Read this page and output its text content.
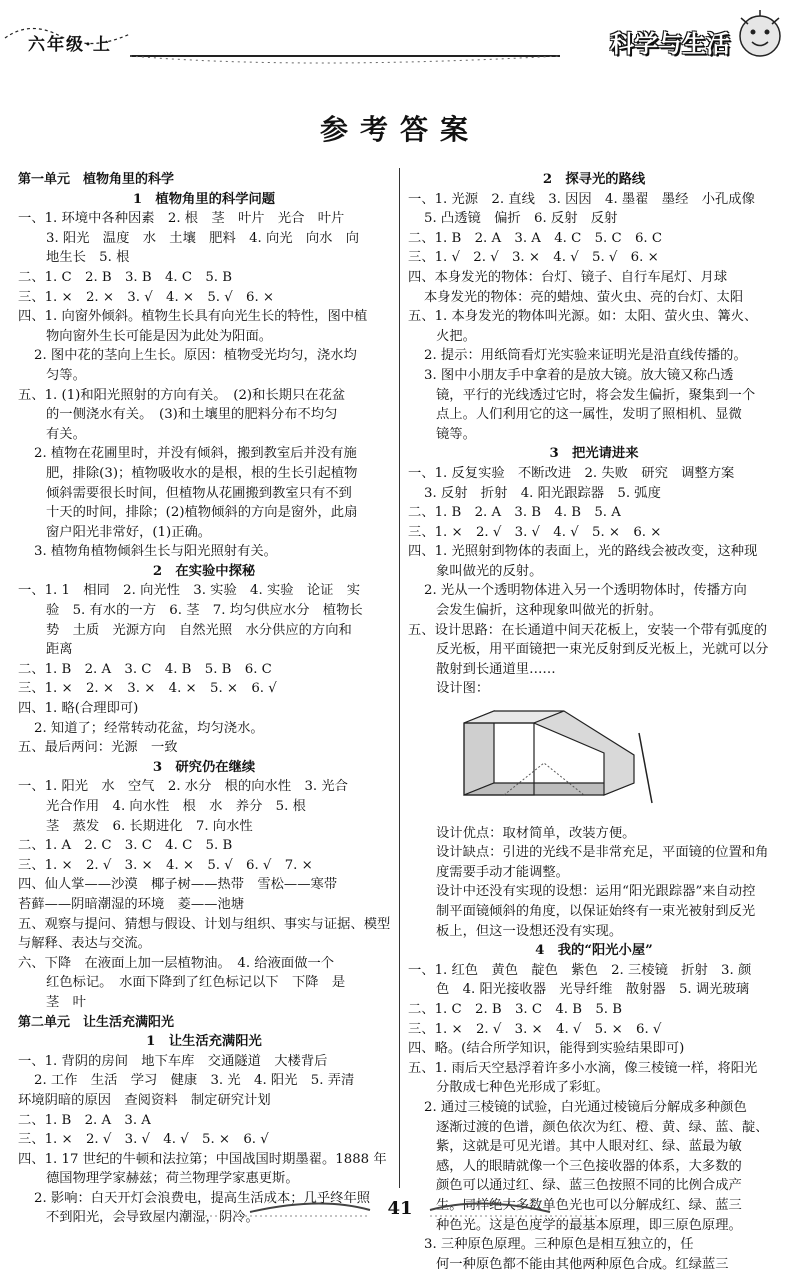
六年级·上	科学与生活
参考答案
第一单元　植物角里的科学
1　植物角里的科学问题
一、1. 环境中各种因素　2. 根　茎　叶片　光合　叶片
3. 阳光　温度　水　土壤　肥料　4. 向光　向水　向
地生长　5. 根
二、1. C　2. B　3. B　4. C　5. B
三、1. ×　2. ×　3. √　4. ×　5. √　6. ×
四、1. 向窗外倾斜。植物生长具有向光生长的特性，图中植
物向窗外生长可能是因为此处为阳面。
2. 图中花的茎向上生长。原因：植物受光均匀，浇水均
匀等。
五、1. (1)和阳光照射的方向有关。　(2)和长期只在花盆
的一侧浇水有关。　(3)和土壤里的肥料分布不均匀
有关。
2. 植物在花圃里时，并没有倾斜，搬到教室后并没有施
肥，排除(3)；植物吸收水的是根，根的生长引起植物
倾斜需要很长时间，但植物从花圃搬到教室只有不到
十天的时间，排除；(2)植物倾斜的方向是窗外，此扇
窗户阳光非常好，(1)正确。
3. 植物角植物倾斜生长与阳光照射有关。
2　在实验中探秘
一、1. 1　相同　2. 向光性　3. 实验　4. 实验　论证　实
验　5. 有水的一方　6. 茎　7. 均匀供应水分　植物长
势　土质　光源方向　自然光照　水分供应的方向和
距离
二、1. B　2. A　3. C　4. B　5. B　6. C
三、1. ×　2. ×　3. ×　4. ×　5. ×　6. √
四、1. 略(合理即可)
2. 知道了；经常转动花盆，均匀浇水。
五、最后两问：光源　一致
3　研究仍在继续
一、1. 阳光　水　空气　2. 水分　根的向水性　3. 光合
光合作用　4. 向水性　根　水　养分　5. 根
茎　蒸发　6. 长期进化　7. 向水性
二、1. A　2. C　3. C　4. C　5. B
三、1. ×　2. √　3. ×　4. ×　5. √　6. √　7. ×
四、仙人掌——沙漠　椰子树——热带　雪松——寒带
苔藓——阴暗潮湿的环境　菱——池塘
五、观察与提问、猜想与假设、计划与组织、事实与证据、模型
与解释、表达与交流。
六、下降　在液面上加一层植物油。　4. 给液面做一个
红色标记。　水面下降到了红色标记以下　下降　是
茎　叶
第二单元　让生活充满阳光
1　让生活充满阳光
一、1. 背阴的房间　地下车库　交通隧道　大楼背后
2. 工作　生活　学习　健康　3. 光　4. 阳光　5. 弄清
环境阴暗的原因　查阅资料　制定研究计划
二、1. B　2. A　3. A
三、1. ×　2. √　3. √　4. √　5. ×　6. √
四、1. 17 世纪的牛顿和法拉第；中国战国时期墨翟。1888 年
德国物理学家赫兹；荷兰物理学家惠更斯。
2. 影响：白天开灯会浪费电，提高生活成本；几乎终年照
不到阳光，会导致屋内潮湿，阴冷。
2　探寻光的路线
一、1. 光源　2. 直线　3. 因因　4. 墨翟　墨经　小孔成像
5. 凸透镜　偏折　6. 反射　反射
二、1. B　2. A　3. A　4. C　5. C　6. C
三、1. √　2. √　3. ×　4. √　5. √　6. ×
四、本身发光的物体：台灯、镜子、自行车尾灯、月球
本身发光的物体：亮的蜡烛、萤火虫、亮的台灯、太阳
五、1. 本身发光的物体叫光源。如：太阳、萤火虫、篝火、
火把。
2. 提示：用纸筒看灯光实验来证明光是沿直线传播的。
3. 图中小朋友手中拿着的是放大镜。放大镜又称凸透
镜，平行的光线透过它时，将会发生偏折，聚集到一个
点上。人们利用它的这一属性，发明了照相机、显微
镜等。
3　把光请进来
一、1. 反复实验　不断改进　2. 失败　研究　调整方案
3. 反射　折射　4. 阳光跟踪器　5. 弧度
二、1. B　2. A　3. B　4. B　5. A
三、1. ×　2. √　3. √　4. √　5. ×　6. ×
四、1. 光照射到物体的表面上，光的路线会被改变，这种现
象叫做光的反射。
2. 光从一个透明物体进入另一个透明物体时，传播方向
会发生偏折，这种现象叫做光的折射。
五、设计思路：在长通道中间天花板上，安装一个带有弧度的
反光板，用平面镜把一束光反射到反光板上，光就可以分
散射到长通道里……
设计图：
设计优点：取材简单，改装方便。
设计缺点：引进的光线不是非常充足，平面镜的位置和角
度需要手动才能调整。
设计中还没有实现的设想：运用“阳光跟踪器”来自动控
制平面镜倾斜的角度，以保证始终有一束光被射到反光
板上，但这一设想还没有实现。
4　我的“阳光小屋”
一、1. 红色　黄色　靛色　紫色　2. 三棱镜　折射　3. 颜
色　4. 阳光接收器　光导纤维　散射器　5. 调光玻璃
二、1. C　2. B　3. C　4. B　5. B
三、1. ×　2. √　3. ×　4. √　5. ×　6. √
四、略。(结合所学知识，能得到实验结果即可)
五、1. 雨后天空悬浮着许多小水滴，像三棱镜一样，将阳光
分散成七种色光形成了彩虹。
2. 通过三棱镜的试验，白光通过棱镜后分解成多种颜色
逐渐过渡的色谱，颜色依次为红、橙、黄、绿、蓝、靛、
紫，这就是可见光谱。其中人眼对红、绿、蓝最为敏
感，人的眼睛就像一个三色接收器的体系，大多数的
颜色可以通过红、绿、蓝三色按照不同的比例合成产
生。同样绝大多数单色光也可以分解成红、绿、蓝三
种色光。这是色度学的最基本原理，即三原色原理。
3. 三种原色原理。三种原色是相互独立的，任
何一种原色都不能由其他两种原色合成。红绿蓝三
41
